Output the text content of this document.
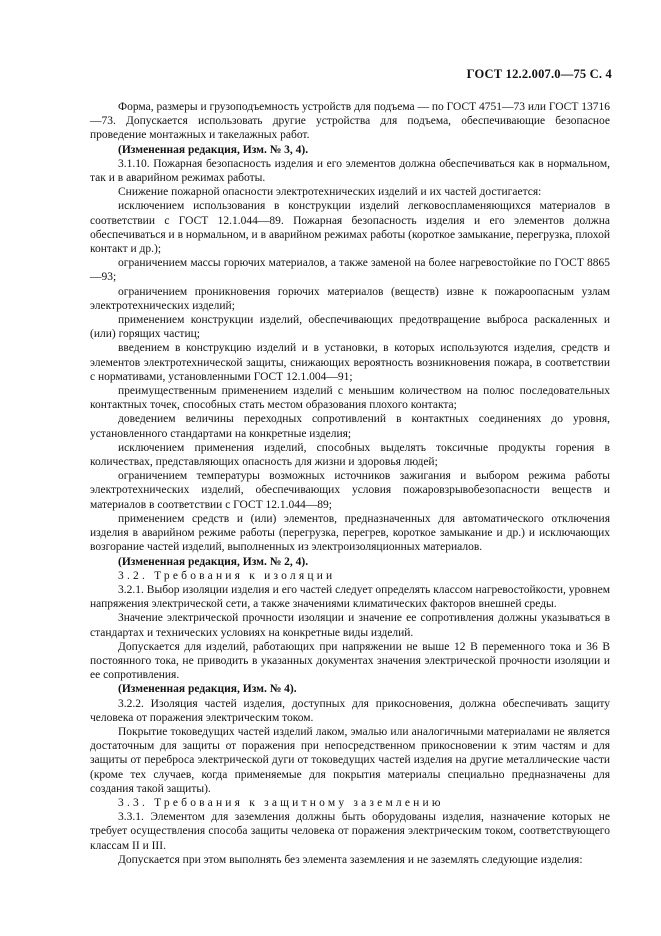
ГОСТ 12.2.007.0—75 С. 4

Форма, размеры и грузоподъемность устройств для подъема — по ГОСТ 4751—73 или ГОСТ 13716—73. Допускается использовать другие устройства для подъема, обеспечивающие безопасное проведение монтажных и такелажных работ.

(Измененная редакция, Изм. № 3, 4).

3.1.10. Пожарная безопасность изделия и его элементов должна обеспечиваться как в нормальном, так и в аварийном режимах работы.

Снижение пожарной опасности электротехнических изделий и их частей достигается:

исключением использования в конструкции изделий легковоспламеняющихся материалов в соответствии с ГОСТ 12.1.044—89. Пожарная безопасность изделия и его элементов должна обеспечиваться и в нормальном, и в аварийном режимах работы (короткое замыкание, перегрузка, плохой контакт и др.);

ограничением массы горючих материалов, а также заменой на более нагревостойкие по ГОСТ 8865—93;

ограничением проникновения горючих материалов (веществ) извне к пожароопасным узлам электротехнических изделий;

применением конструкции изделий, обеспечивающих предотвращение выброса раскаленных и (или) горящих частиц;

введением в конструкцию изделий и в установки, в которых используются изделия, средств и элементов электротехнической защиты, снижающих вероятность возникновения пожара, в соответствии с нормативами, установленными ГОСТ 12.1.004—91;

преимущественным применением изделий с меньшим количеством на полюс последовательных контактных точек, способных стать местом образования плохого контакта;

доведением величины переходных сопротивлений в контактных соединениях до уровня, установленного стандартами на конкретные изделия;

исключением применения изделий, способных выделять токсичные продукты горения в количествах, представляющих опасность для жизни и здоровья людей;

ограничением температуры возможных источников зажигания и выбором режима работы электротехнических изделий, обеспечивающих условия пожаровзрывобезопасности веществ и материалов в соответствии с ГОСТ 12.1.044—89;

применением средств и (или) элементов, предназначенных для автоматического отключения изделия в аварийном режиме работы (перегрузка, перегрев, короткое замыкание и др.) и исключающих возгорание частей изделий, выполненных из электроизоляционных материалов.

(Измененная редакция, Изм. № 2, 4).

3.2. Требования к изоляции

3.2.1. Выбор изоляции изделия и его частей следует определять классом нагревостойкости, уровнем напряжения электрической сети, а также значениями климатических факторов внешней среды.

Значение электрической прочности изоляции и значение ее сопротивления должны указываться в стандартах и технических условиях на конкретные виды изделий.

Допускается для изделий, работающих при напряжении не выше 12 В переменного тока и 36 В постоянного тока, не приводить в указанных документах значения электрической прочности изоляции и ее сопротивления.

(Измененная редакция, Изм. № 4).

3.2.2. Изоляция частей изделия, доступных для прикосновения, должна обеспечивать защиту человека от поражения электрическим током.

Покрытие токоведущих частей изделий лаком, эмалью или аналогичными материалами не является достаточным для защиты от поражения при непосредственном прикосновении к этим частям и для защиты от переброса электрической дуги от токоведущих частей изделия на другие металлические части (кроме тех случаев, когда применяемые для покрытия материалы специально предназначены для создания такой защиты).

3.3. Требования к защитному заземлению

3.3.1. Элементом для заземления должны быть оборудованы изделия, назначение которых не требует осуществления способа защиты человека от поражения электрическим током, соответствующего классам II и III.

Допускается при этом выполнять без элемента заземления и не заземлять следующие изделия:
